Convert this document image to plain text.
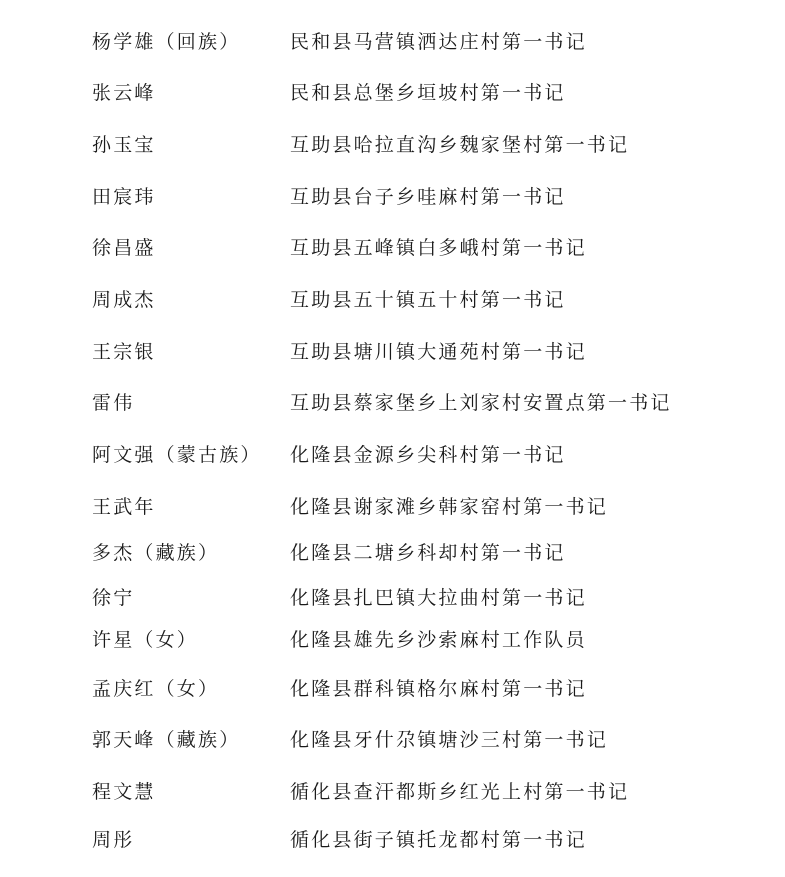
杨学雄（回族）	民和县马营镇洒达庄村第一书记
张云峰	民和县总堡乡垣坡村第一书记
孙玉宝	互助县哈拉直沟乡魏家堡村第一书记
田宸玮	互助县台子乡哇麻村第一书记
徐昌盛	互助县五峰镇白多峨村第一书记
周成杰	互助县五十镇五十村第一书记
王宗银	互助县塘川镇大通苑村第一书记
雷伟	互助县蔡家堡乡上刘家村安置点第一书记
阿文强（蒙古族） 化隆县金源乡尖科村第一书记
王武年	化隆县谢家滩乡韩家窑村第一书记
多杰（藏族）	化隆县二塘乡科却村第一书记
徐宁	化隆县扎巴镇大拉曲村第一书记
许星（女）	化隆县雄先乡沙索麻村工作队员
孟庆红（女）	化隆县群科镇格尔麻村第一书记
郭天峰（藏族）	化隆县牙什尕镇塘沙三村第一书记
程文慧	循化县查汗都斯乡红光上村第一书记
周彤	循化县街子镇托龙都村第一书记
